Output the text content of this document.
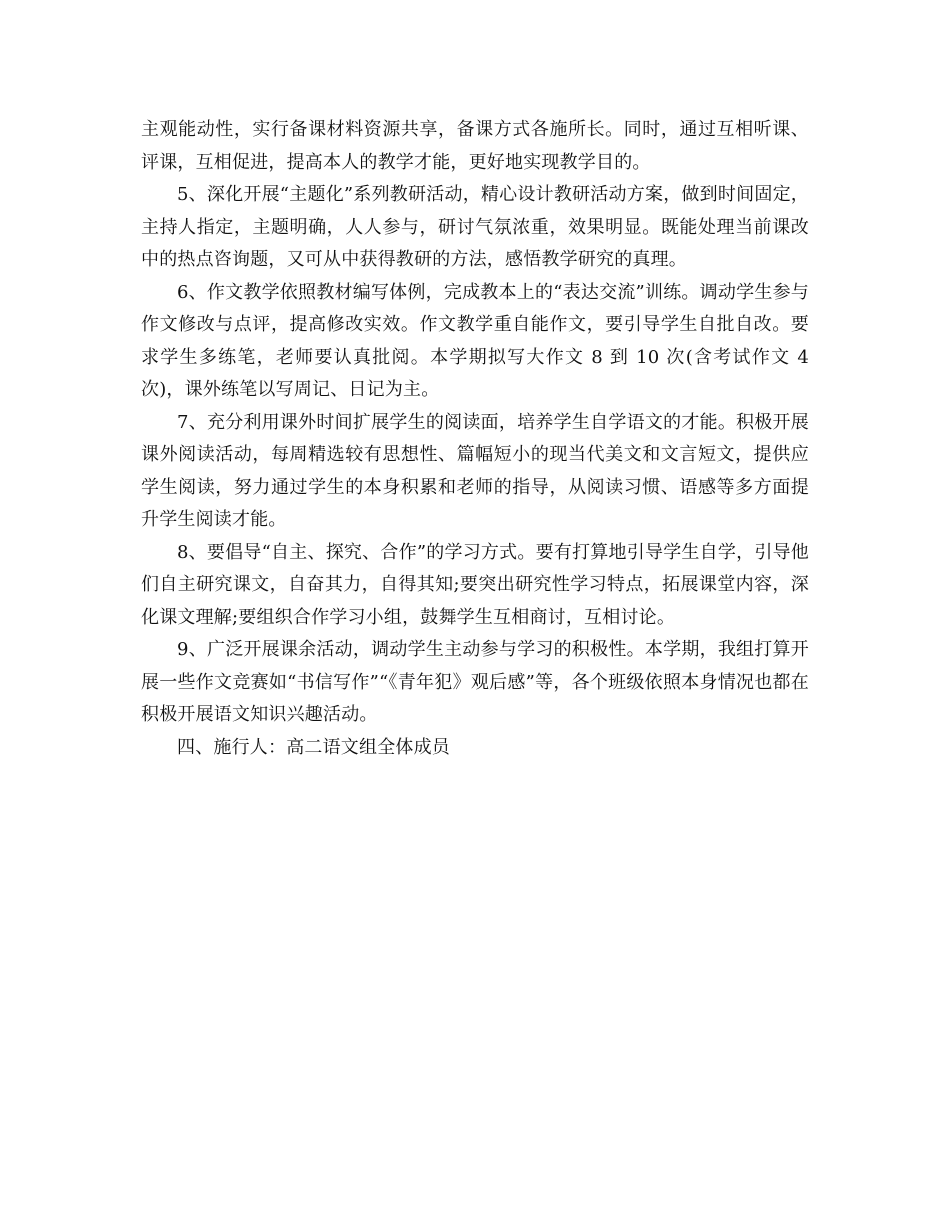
主观能动性，实行备课材料资源共享，备课方式各施所长。同时，通过互相听课、评课，互相促进，提高本人的教学才能，更好地实现教学目的。

5、深化开展“主题化”系列教研活动，精心设计教研活动方案，做到时间固定，主持人指定，主题明确，人人参与，研讨气氛浓重，效果明显。既能处理当前课改中的热点咨询题，又可从中获得教研的方法，感悟教学研究的真理。

6、作文教学依照教材编写体例，完成教本上的“表达交流”训练。调动学生参与作文修改与点评，提高修改实效。作文教学重自能作文，要引导学生自批自改。要求学生多练笔，老师要认真批阅。本学期拟写大作文 8 到 10 次(含考试作文 4 次)，课外练笔以写周记、日记为主。

7、充分利用课外时间扩展学生的阅读面，培养学生自学语文的才能。积极开展课外阅读活动，每周精选较有思想性、篇幅短小的现当代美文和文言短文，提供应学生阅读，努力通过学生的本身积累和老师的指导，从阅读习惯、语感等多方面提升学生阅读才能。

8、要倡导“自主、探究、合作”的学习方式。要有打算地引导学生自学，引导他们自主研究课文，自奋其力，自得其知;要突出研究性学习特点，拓展课堂内容，深化课文理解;要组织合作学习小组，鼓舞学生互相商讨，互相讨论。

9、广泛开展课余活动，调动学生主动参与学习的积极性。本学期，我组打算开展一些作文竞赛如“书信写作”“《青年犯》观后感”等，各个班级依照本身情况也都在积极开展语文知识兴趣活动。

四、施行人：高二语文组全体成员
